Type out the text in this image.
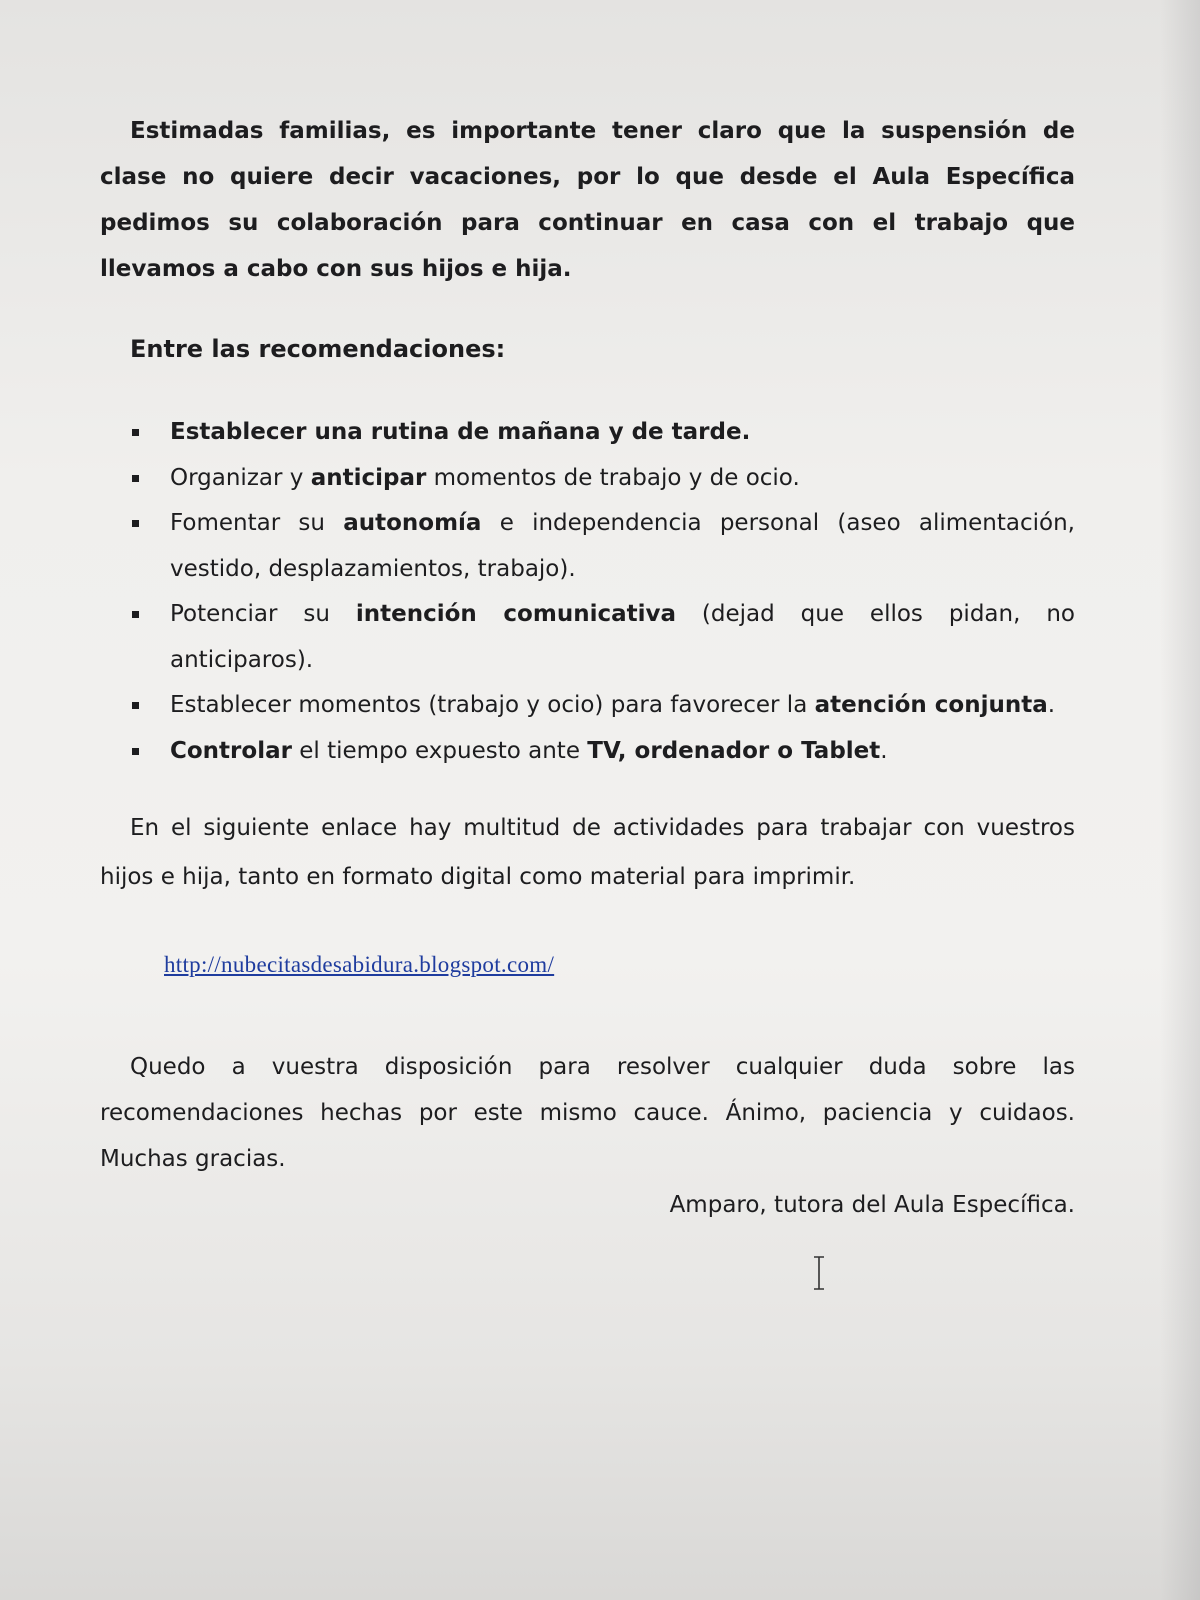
Estimadas familias, es importante tener claro que la suspensión de clase no quiere decir vacaciones, por lo que desde el Aula Específica pedimos su colaboración para continuar en casa con el trabajo que llevamos a cabo con sus hijos e hija.

Entre las recomendaciones:

Establecer una rutina de mañana y de tarde.
Organizar y anticipar momentos de trabajo y de ocio.
Fomentar su autonomía e independencia personal (aseo alimentación, vestido, desplazamientos, trabajo).
Potenciar su intención comunicativa (dejad que ellos pidan, no anticiparos).
Establecer momentos (trabajo y ocio) para favorecer la atención conjunta.
Controlar el tiempo expuesto ante TV, ordenador o Tablet.

En el siguiente enlace hay multitud de actividades para trabajar con vuestros hijos e hija, tanto en formato digital como material para imprimir.

http://nubecitasdesabidura.blogspot.com/

Quedo a vuestra disposición para resolver cualquier duda sobre las recomendaciones hechas por este mismo cauce. Ánimo, paciencia y cuidaos. Muchas gracias.

Amparo, tutora del Aula Específica.
